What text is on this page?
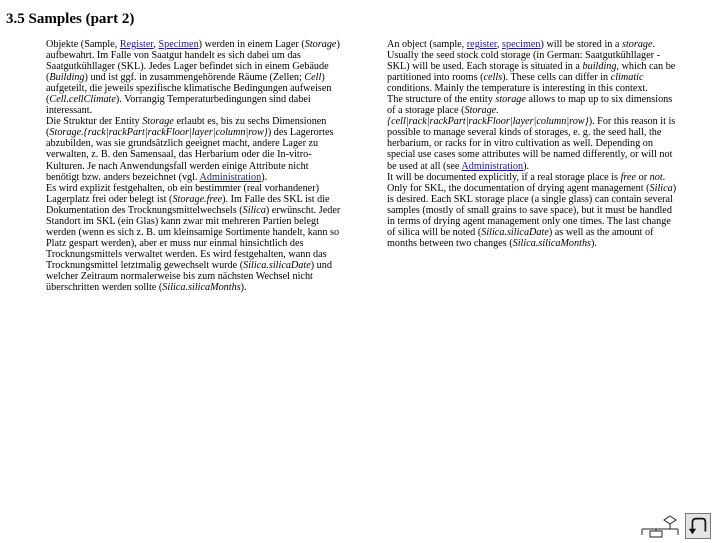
3.5 Samples (part 2)

Objekte (Sample, Register, Specimen) werden in einem Lager (Storage) aufbewahrt. Im Falle von Saatgut handelt es sich dabei um das Saatgutkühllager (SKL). Jedes Lager befindet sich in einem Gebäude (Building) und ist ggf. in zusammengehörende Räume (Zellen; Cell) aufgeteilt, die jeweils spezifische klimatische Bedingungen aufweisen (Cell.cellClimate). Vorrangig Temperaturbedingungen sind dabei interessant.

Die Struktur der Entity Storage erlaubt es, bis zu sechs Dimensionen (Storage.{rack|rackPart|rackFloor|layer|column|row}) des Lagerortes abzubilden, was sie grundsätzlich geeignet macht, andere Lager zu verwalten, z. B. den Samensaal, das Herbarium oder die In-vitro-Kulturen. Je nach Anwendungsfall werden einige Attribute nicht benötigt bzw. anders bezeichnet (vgl. Administration).

Es wird explizit festgehalten, ob ein bestimmter (real vorhandener) Lagerplatz frei oder belegt ist (Storage.free). Im Falle des SKL ist die Dokumentation des Trocknungsmittelwechsels (Silica) erwünscht. Jeder Standort im SKL (ein Glas) kann zwar mit mehreren Partien belegt werden (wenn es sich z. B. um kleinsamige Sortimente handelt, kann so Platz gespart werden), aber er muss nur einmal hinsichtlich des Trocknungsmittels verwaltet werden. Es wird festgehalten, wann das Trocknungsmittel letztmalig gewechselt wurde (Silica.silicaDate) und welcher Zeitraum normalerweise bis zum nächsten Wechsel nicht überschritten werden sollte (Silica.silicaMonths).

An object (sample, register, specimen) will be stored in a storage. Usually the seed stock cold storage (in German: Saatgutkühllager - SKL) will be used. Each storage is situated in a building, which can be partitioned into rooms (cells). These cells can differ in climatic conditions. Mainly the temperature is interesting in this context.

The structure of the entity storage allows to map up to six dimensions of a storage place (Storage.{cell|rack|rackPart|rackFloor|layer|column|row}). For this reason it is possible to manage several kinds of storages, e. g. the seed hall, the herbarium, or racks for in vitro cultivation as well. Depending on special use cases some attributes will be named differently, or will not be used at all (see Administration).

It will be documented explicitly, if a real storage place is free or not. Only for SKL, the documentation of drying agent management (Silica) is desired. Each SKL storage place (a single glass) can contain several samples (mostly of small grains to save space), but it must be handled in terms of drying agent management only one times. The last change of silica will be noted (Silica.silicaDate) as well as the amount of months between two changes (Silica.silicaMonths).
